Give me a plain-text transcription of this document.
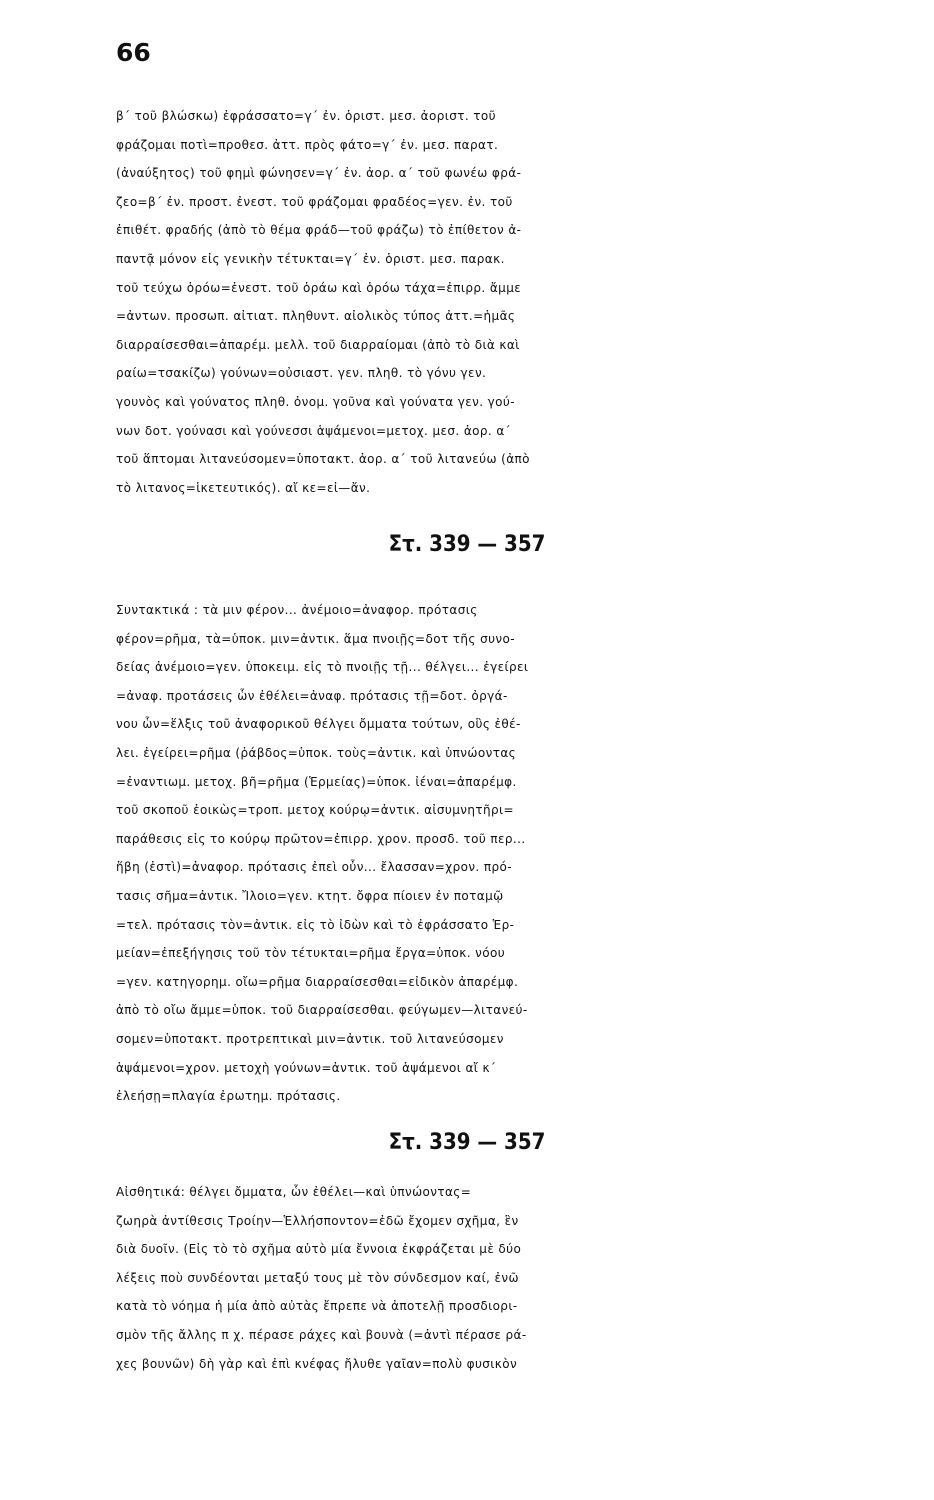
66
β΄ τοῦ βλώσκω) ἐφράσσατο=γ΄ ἐν. ὁριστ. μεσ. ἀοριστ. τοῦ
φράζομαι ποτὶ=προθεσ. ἀττ. πρὸς φάτο=γ΄ ἐν. μεσ. παρατ.
(ἀναύξητος) τοῦ φημὶ φώνησεν=γ΄ ἐν. ἀορ. α΄ τοῦ φωνέω φρά-
ζεο=β΄ ἐν. προστ. ἐνεστ. τοῦ φράζομαι φραδέος=γεν. ἐν. τοῦ
ἐπιθέτ. φραδής (ἀπὸ τὸ θέμα φράδ—τοῦ φράζω) τὸ ἐπίθετον ἀ-
παντᾷ μόνον εἰς γενικὴν τέτυκται=γ΄ ἐν. ὁριστ. μεσ. παρακ.
τοῦ τεύχω ὁρόω=ἐνεστ. τοῦ ὁράω καὶ ὁρόω τάχα=ἐπιρρ. ἄμμε
=ἀντων. προσωπ. αἰτιατ. πληθυντ. αἰολικὸς τύπος ἀττ.=ἡμᾶς
διαρραίσεσθαι=ἀπαρέμ. μελλ. τοῦ διαρραίομαι (ἀπὸ τὸ διὰ καὶ
ραίω=τσακίζω) γούνων=οὐσιαστ. γεν. πληθ. τὸ γόνυ γεν.
γουνὸς καὶ γούνατος πληθ. ὀνομ. γοῦνα καὶ γούνατα γεν. γού-
νων δοτ. γούνασι καὶ γούνεσσι ἁψάμενοι=μετοχ. μεσ. ἀορ. α΄
τοῦ ἅπτομαι λιτανεύσομεν=ὑποτακτ. ἀορ. α΄ τοῦ λιτανεύω (ἀπὸ
τὸ λιτανος=ἱκετευτικός). αἴ κε=εἰ—ἄν.
Στ. 339 — 357
Συντακτικά : τὰ μιν φέρον... ἀνέμοιο=ἀναφορ. πρότασις
φέρον=ρῆμα, τὰ=ὑποκ. μιν=ἀντικ. ἅμα πνοιῇς=δοτ τῆς συνο-
δείας ἀνέμοιο=γεν. ὑποκειμ. εἰς τὸ πνοιῇς τῇ... θέλγει... ἐγείρει
=ἀναφ. προτάσεις ὧν ἐθέλει=ἀναφ. πρότασις τῇ=δοτ. ὀργά-
νου ὧν=ἕλξις τοῦ ἀναφορικοῦ θέλγει ὄμματα τούτων, οὓς ἐθέ-
λει. ἐγείρει=ρῆμα (ῥάβδος=ὑποκ. τοὺς=ἀντικ. καὶ ὑπνώοντας
=ἐναντιωμ. μετοχ. βῆ=ρῆμα (Ἑρμείας)=ὑποκ. ἰέναι=ἀπαρέμφ.
τοῦ σκοποῦ ἐοικὼς=τροπ. μετοχ κούρῳ=ἀντικ. αἰσυμνητῆρι=
παράθεσις εἰς το κούρῳ πρῶτον=ἐπιρρ. χρον. προσδ. τοῦ περ...
ἥβη (ἐστὶ)=ἀναφορ. πρότασις ἐπεὶ οὖν... ἔλασσαν=χρον. πρό-
τασις σῆμα=ἀντικ. Ἴλοιο=γεν. κτητ. ὄφρα πίοιεν ἐν ποταμῷ
=τελ. πρότασις τὸν=ἀντικ. εἰς τὸ ἰδὼν καὶ τὸ ἐφράσσατο Ἑρ-
μείαν=ἐπεξήγησις τοῦ τὸν τέτυκται=ρῆμα ἔργα=ὑποκ. νόου
=γεν. κατηγορημ. οἴω=ρῆμα διαρραίσεσθαι=εἰδικὸν ἀπαρέμφ.
ἀπὸ τὸ οἴω ἄμμε=ὑποκ. τοῦ διαρραίσεσθαι. φεύγωμεν—λιτανεύ-
σομεν=ὑποτακτ. προτρεπτικαὶ μιν=ἀντικ. τοῦ λιτανεύσομεν
ἁψάμενοι=χρον. μετοχὴ γούνων=ἀντικ. τοῦ ἁψάμενοι αἴ κ΄
ἐλεήσῃ=πλαγία ἐρωτημ. πρότασις.
Στ. 339 — 357
Αἰσθητικά: θέλγει ὄμματα, ὧν ἐθέλει—καὶ ὑπνώοντας=
ζωηρὰ ἀντίθεσις Τροίην—Ἑλλήσποντον=ἐδῶ ἔχομεν σχῆμα, ἓν
διὰ δυοῖν. (Εἰς τὸ τὸ σχῆμα αὐτὸ μία ἔννοια ἐκφράζεται μὲ δύο
λέξεις ποὺ συνδέονται μεταξύ τους μὲ τὸν σύνδεσμον καί, ἐνῶ
κατὰ τὸ νόημα ἡ μία ἀπὸ αὐτὰς ἔπρεπε νὰ ἀποτελῇ προσδιορι-
σμὸν τῆς ἄλλης π χ. πέρασε ράχες καὶ βουνὰ (=ἀντὶ πέρασε ρά-
χες βουνῶν) δὴ γὰρ καὶ ἐπὶ κνέφας ἤλυθε γαῖαν=πολὺ φυσικὸν
